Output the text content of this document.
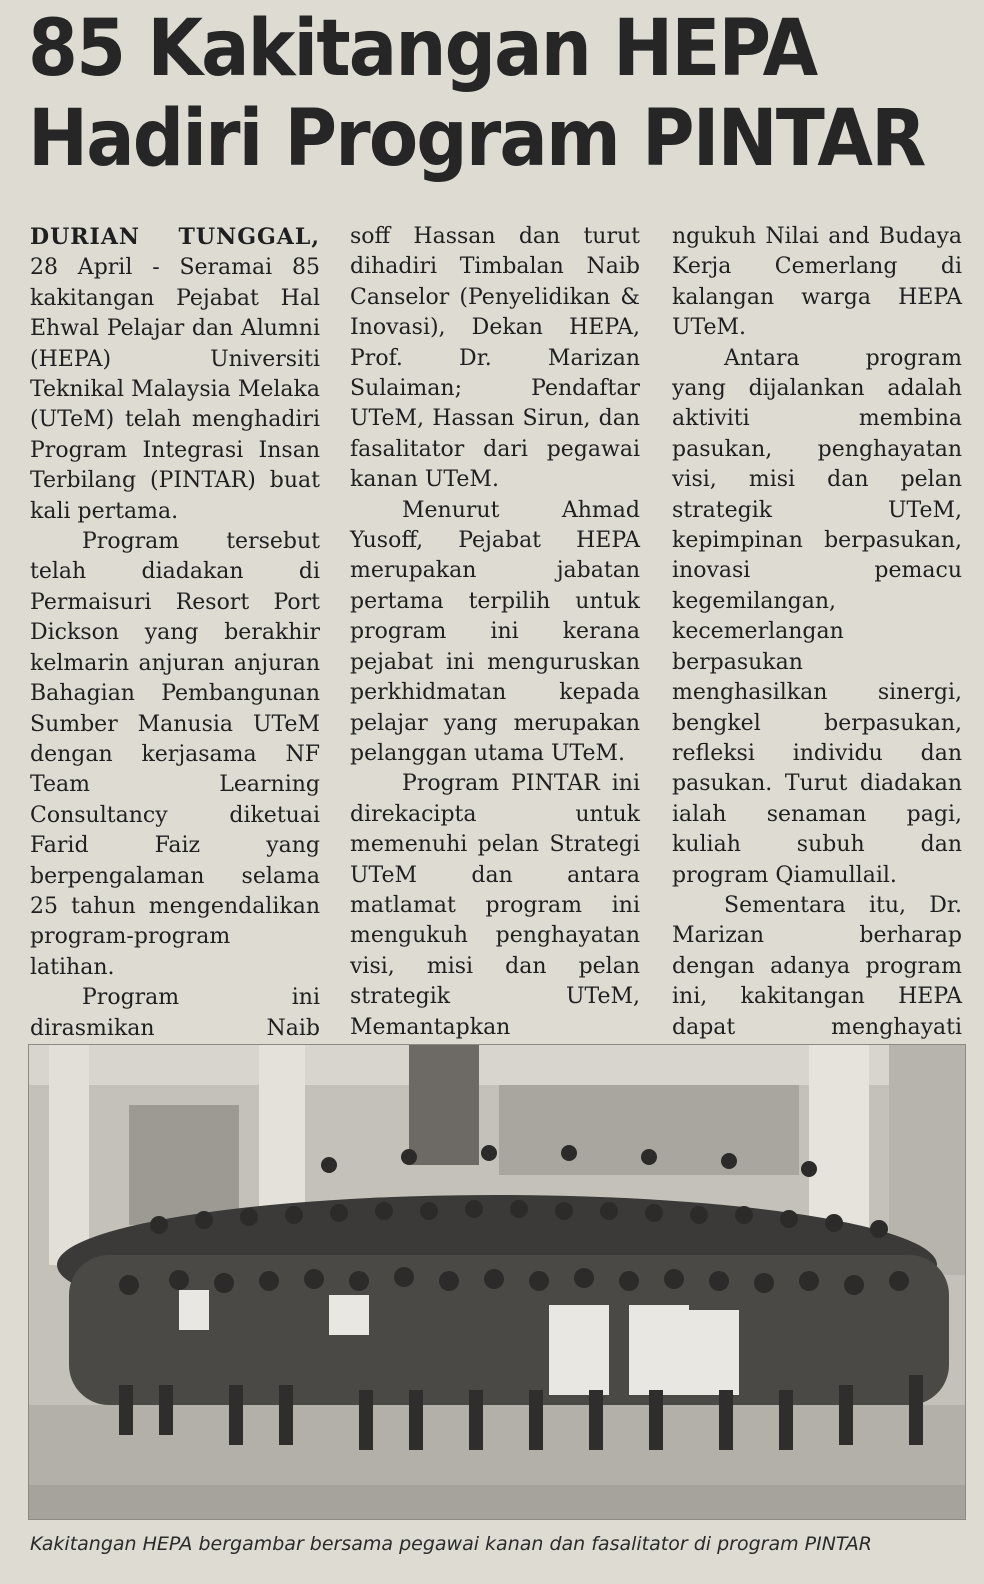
85 Kakitangan HEPA
Hadiri Program PINTAR

DURIAN TUNGGAL, 28 April - Seramai 85 kakitangan Pejabat Hal Ehwal Pelajar dan Alumni (HEPA) Universiti Teknikal Malaysia Melaka (UTeM) telah menghadiri Program Integrasi Insan Terbilang (PINTAR) buat kali pertama.

Program tersebut telah diadakan di Permaisuri Resort Port Dickson yang berakhir kelmarin anjuran anjuran Bahagian Pembangunan Sumber Manusia UTeM dengan kerjasama NF Team Learning Consultancy diketuai Farid Faiz yang berpengalaman selama 25 tahun mengendalikan program-program latihan.

Program ini dirasmikan Naib

soff Hassan dan turut dihadiri Timbalan Naib Canselor (Penyelidikan & Inovasi), Dekan HEPA, Prof. Dr. Marizan Sulaiman; Pendaftar UTeM, Hassan Sirun, dan fasalitator dari pegawai kanan UTeM.

Menurut Ahmad Yusoff, Pejabat HEPA merupakan jabatan pertama terpilih untuk program ini kerana pejabat ini menguruskan perkhidmatan kepada pelajar yang merupakan pelanggan utama UTeM.

Program PINTAR ini direkacipta untuk memenuhi pelan Strategi UTeM dan antara matlamat program ini mengukuh penghayatan visi, misi dan pelan strategik UTeM, Memantapkan

ngukuh Nilai and Budaya Kerja Cemerlang di kalangan warga HEPA UTeM.

Antara program yang dijalankan adalah aktiviti membina pasukan, penghayatan visi, misi dan pelan strategik UTeM, kepimpinan berpasukan, inovasi pemacu kegemilangan, kecemerlangan berpasukan menghasilkan sinergi, bengkel berpasukan, refleksi individu dan pasukan. Turut diadakan ialah senaman pagi, kuliah subuh dan program Qiamullail.

Sementara itu, Dr. Marizan berharap dengan adanya program ini, kakitangan HEPA dapat menghayati

Kakitangan HEPA bergambar bersama pegawai kanan dan fasalitator di program PINTAR
